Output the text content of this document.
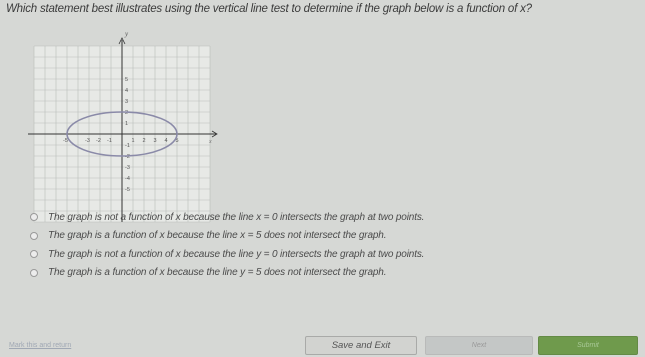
Which statement best illustrates using the vertical line test to determine if the graph below is a function of x?
y
x
-5	-3 -2 -1	1 2 3 4 5
5
4
3
2
1
-1
-2
-3
-4
-5
The graph is not a function of x because the line x = 0 intersects the graph at two points.
The graph is a function of x because the line x = 5 does not intersect the graph.
The graph is not a function of x because the line y = 0 intersects the graph at two points.
The graph is a function of x because the line y = 5 does not intersect the graph.
Mark this and return	Save and Exit	Next	Submit
